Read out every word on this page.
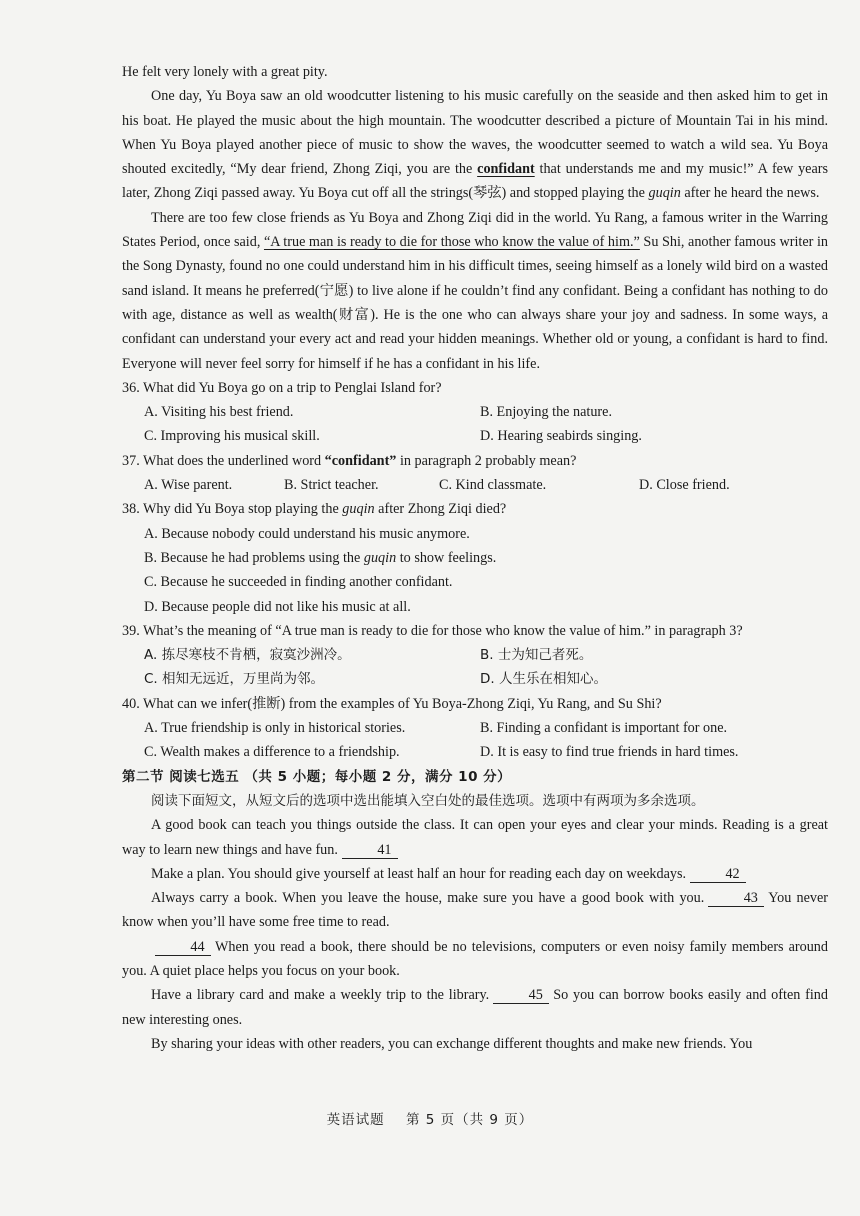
He felt very lonely with a great pity.

One day, Yu Boya saw an old woodcutter listening to his music carefully on the seaside and then asked him to get in his boat. He played the music about the high mountain. The woodcutter described a picture of Mountain Tai in his mind. When Yu Boya played another piece of music to show the waves, the woodcutter seemed to watch a wild sea. Yu Boya shouted excitedly, “My dear friend, Zhong Ziqi, you are the confidant that understands me and my music!” A few years later, Zhong Ziqi passed away. Yu Boya cut off all the strings(琴弦) and stopped playing the guqin after he heard the news.

There are too few close friends as Yu Boya and Zhong Ziqi did in the world. Yu Rang, a famous writer in the Warring States Period, once said, “A true man is ready to die for those who know the value of him.” Su Shi, another famous writer in the Song Dynasty, found no one could understand him in his difficult times, seeing himself as a lonely wild bird on a wasted sand island. It means he preferred(宁愿) to live alone if he couldn’t find any confidant. Being a confidant has nothing to do with age, distance as well as wealth(财富). He is the one who can always share your joy and sadness. In some ways, a confidant can understand your every act and read your hidden meanings. Whether old or young, a confidant is hard to find. Everyone will never feel sorry for himself if he has a confidant in his life.

36. What did Yu Boya go on a trip to Penglai Island for?

A. Visiting his best friend.	B. Enjoying the nature.
C. Improving his musical skill.	D. Hearing seabirds singing.

37. What does the underlined word “confidant” in paragraph 2 probably mean?

A. Wise parent.	B. Strict teacher.	C. Kind classmate.	D. Close friend.

38. Why did Yu Boya stop playing the guqin after Zhong Ziqi died?

A. Because nobody could understand his music anymore.
B. Because he had problems using the guqin to show feelings.
C. Because he succeeded in finding another confidant.
D. Because people did not like his music at all.

39. What’s the meaning of “A true man is ready to die for those who know the value of him.” in paragraph 3?

A. 拣尽寒枝不肯栖，寂寞沙洲冷。	B. 士为知己者死。
C. 相知无远近，万里尚为邻。	D. 人生乐在相知心。

40. What can we infer(推断) from the examples of Yu Boya-Zhong Ziqi, Yu Rang, and Su Shi?

A. True friendship is only in historical stories.	B. Finding a confidant is important for one.
C. Wealth makes a difference to a friendship.	D. It is easy to find true friends in hard times.

第二节 阅读七选五 （共 5 小题；每小题 2 分，满分 10 分）

阅读下面短文，从短文后的选项中选出能填入空白处的最佳选项。选项中有两项为多余选项。

A good book can teach you things outside the class. It can open your eyes and clear your minds. Reading is a great way to learn new things and have fun.	41

Make a plan. You should give yourself at least half an hour for reading each day on weekdays.	42

Always carry a book. When you leave the house, make sure you have a good book with you.	43 You never know when you’ll have some free time to read.

44 When you read a book, there should be no televisions, computers or even noisy family members around you. A quiet place helps you focus on your book.

Have a library card and make a weekly trip to the library.	45 So you can borrow books easily and often find new interesting ones.

By sharing your ideas with other readers, you can exchange different thoughts and make new friends. You

英语试题 第 5 页（共 9 页）
